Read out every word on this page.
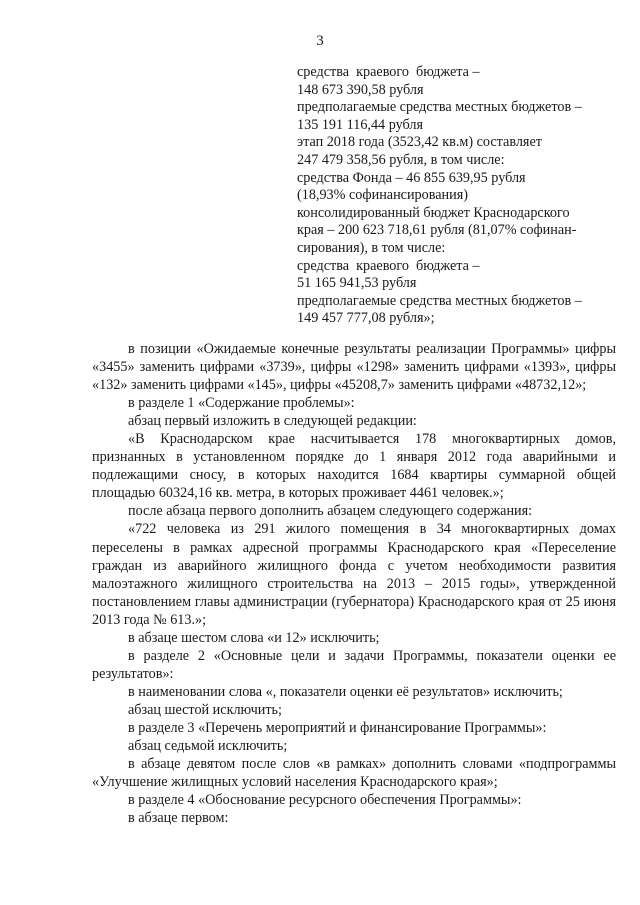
3

средства  краевого  бюджета –

148 673 390,58 рубля

предполагаемые средства местных бюджетов –

135 191 116,44 рубля

этап 2018 года (3523,42 кв.м) составляет

247 479 358,56 рубля, в том числе:

средства Фонда – 46 855 639,95 рубля

(18,93% софинансирования)

консолидированный бюджет Краснодарского

края – 200 623 718,61 рубля (81,07% софинан-

сирования), в том числе:

средства  краевого  бюджета –

51 165 941,53 рубля

предполагаемые средства местных бюджетов –

149 457 777,08 рубля»;

в позиции «Ожидаемые конечные результаты реализации Программы» цифры «3455» заменить цифрами «3739», цифры «1298» заменить цифрами «1393», цифры «132» заменить цифрами «145», цифры «45208,7» заменить цифрами «48732,12»;

в разделе 1 «Содержание проблемы»:

абзац первый изложить в следующей редакции:

«В Краснодарском крае насчитывается 178 многоквартирных домов, признанных в установленном порядке до 1 января 2012 года аварийными и подлежащими сносу, в которых находится 1684 квартиры суммарной общей площадью 60324,16 кв. метра, в которых проживает 4461 человек.»;

после абзаца первого дополнить абзацем следующего содержания:

«722 человека из 291 жилого помещения в 34 многоквартирных домах переселены в рамках адресной программы Краснодарского края «Переселение граждан из аварийного жилищного фонда с учетом необходимости развития малоэтажного жилищного строительства на 2013 – 2015 годы», утвержденной постановлением главы администрации (губернатора) Краснодарского края от 25 июня 2013 года № 613.»;

в абзаце шестом слова «и 12» исключить;

в разделе 2 «Основные цели и задачи Программы, показатели оценки ее результатов»:

в наименовании слова «, показатели оценки её результатов» исключить;

абзац шестой исключить;

в разделе 3 «Перечень мероприятий и финансирование Программы»:

абзац седьмой исключить;

в абзаце девятом после слов «в рамках» дополнить словами «подпрограммы «Улучшение жилищных условий населения Краснодарского края»;

в разделе 4 «Обоснование ресурсного обеспечения Программы»:

в абзаце первом:
